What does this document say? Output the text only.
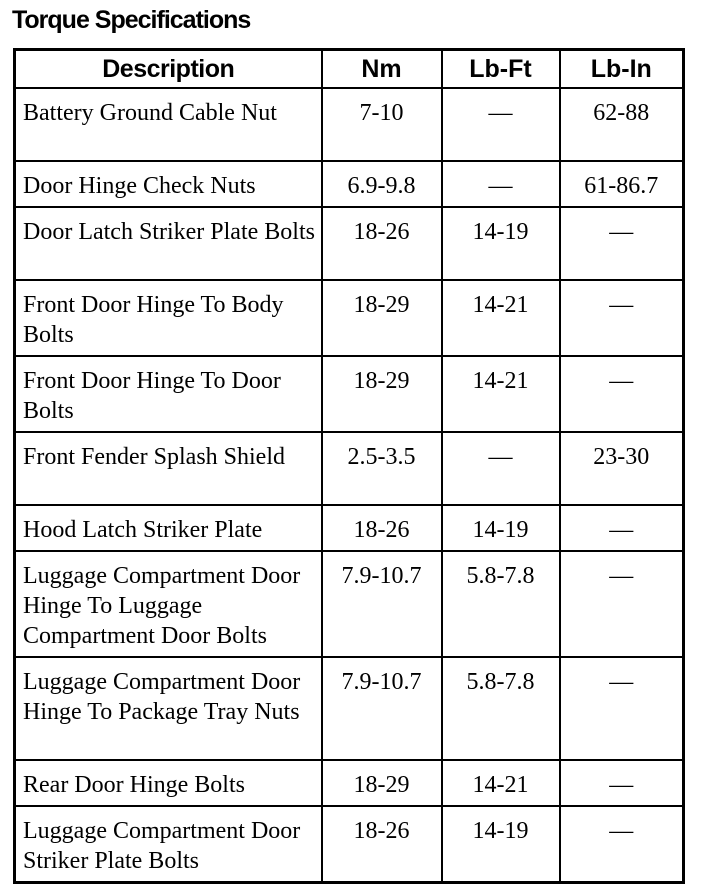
Torque Specifications
Description	Nm	Lb-Ft	Lb-In
Battery Ground Cable Nut	7-10	—	62-88
Door Hinge Check Nuts	6.9-9.8	—	61-86.7
Door Latch Striker Plate Bolts	18-26	14-19	—
Front Door Hinge To Body Bolts	18-29	14-21	—
Front Door Hinge To Door Bolts	18-29	14-21	—
Front Fender Splash Shield	2.5-3.5	—	23-30
Hood Latch Striker Plate	18-26	14-19	—
Luggage Compartment Door Hinge To Luggage Compartment Door Bolts	7.9-10.7	5.8-7.8	—
Luggage Compartment Door Hinge To Package Tray Nuts	7.9-10.7	5.8-7.8	—
Rear Door Hinge Bolts	18-29	14-21	—
Luggage Compartment Door Striker Plate Bolts	18-26	14-19	—
